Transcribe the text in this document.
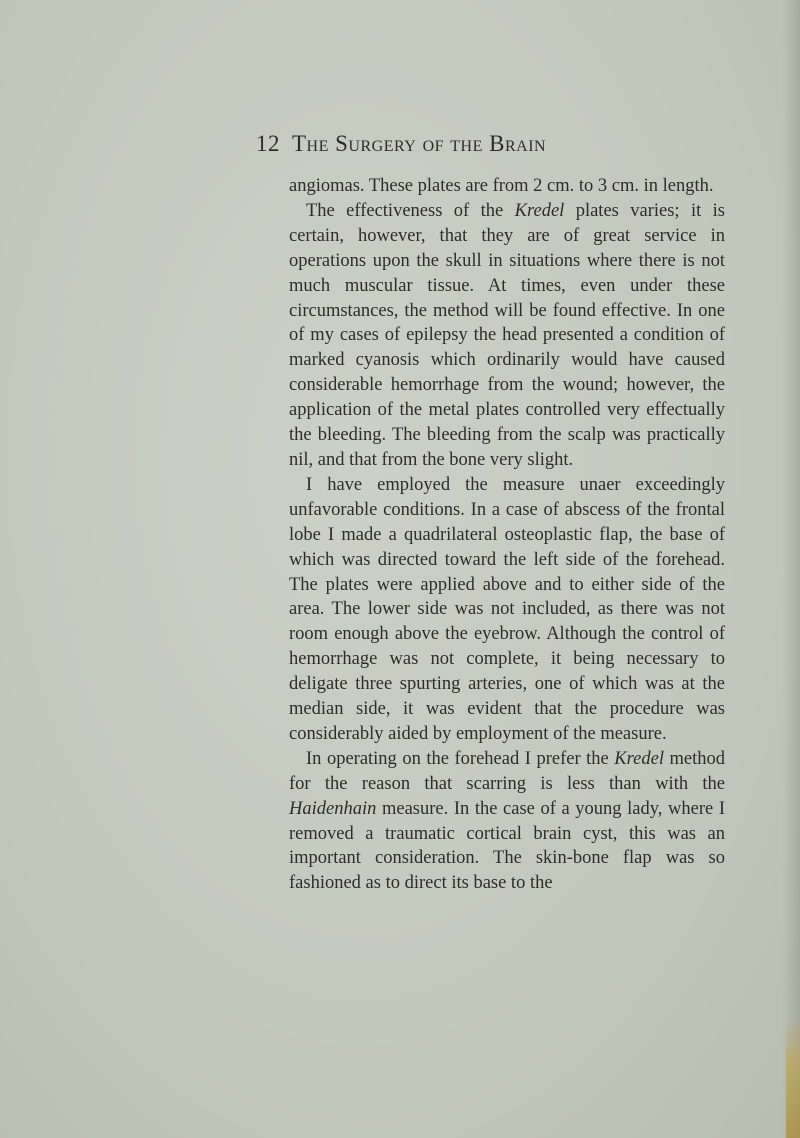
12 The Surgery of the Brain

angiomas. These plates are from 2 cm. to 3 cm. in length.

The effectiveness of the Kredel plates varies; it is certain, however, that they are of great service in operations upon the skull in situations where there is not much muscular tissue. At times, even under these circumstances, the method will be found effective. In one of my cases of epilepsy the head presented a condition of marked cyanosis which ordinarily would have caused considerable hemorrhage from the wound; however, the application of the metal plates controlled very effectually the bleeding. The bleeding from the scalp was practically nil, and that from the bone very slight.

I have employed the measure unaer exceedingly unfavorable conditions. In a case of abscess of the frontal lobe I made a quadrilateral osteoplastic flap, the base of which was directed toward the left side of the forehead. The plates were applied above and to either side of the area. The lower side was not included, as there was not room enough above the eyebrow. Although the control of hemorrhage was not complete, it being necessary to deligate three spurting arteries, one of which was at the median side, it was evident that the procedure was considerably aided by employment of the measure.

In operating on the forehead I prefer the Kredel method for the reason that scarring is less than with the Haidenhain measure. In the case of a young lady, where I removed a traumatic cortical brain cyst, this was an important consideration. The skin-bone flap was so fashioned as to direct its base to the
